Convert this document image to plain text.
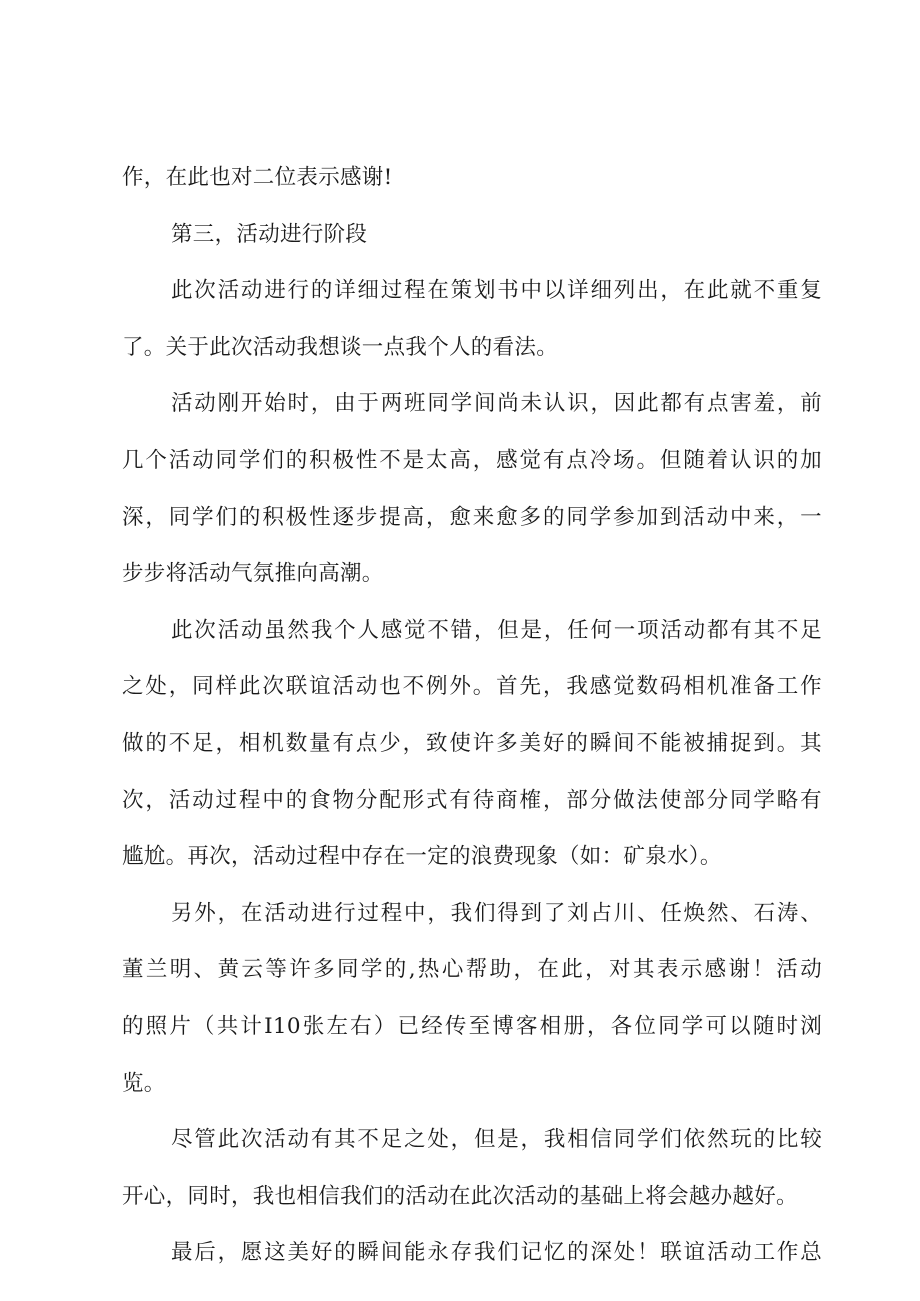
作，在此也对二位表示感谢!
第三，活动进行阶段
此次活动进行的详细过程在策划书中以详细列出，在此就不重复
了。关于此次活动我想谈一点我个人的看法。
活动刚开始时，由于两班同学间尚未认识，因此都有点害羞，前
几个活动同学们的积极性不是太高，感觉有点冷场。但随着认识的加
深，同学们的积极性逐步提高，愈来愈多的同学参加到活动中来，一
步步将活动气氛推向高潮。
此次活动虽然我个人感觉不错，但是，任何一项活动都有其不足
之处，同样此次联谊活动也不例外。首先，我感觉数码相机准备工作
做的不足，相机数量有点少，致使许多美好的瞬间不能被捕捉到。其
次，活动过程中的食物分配形式有待商榷，部分做法使部分同学略有
尴尬。再次，活动过程中存在一定的浪费现象（如：矿泉水）。
另外，在活动进行过程中，我们得到了刘占川、任焕然、石涛、
董兰明、黄云等许多同学的,热心帮助，在此，对其表示感谢！活动
的照片（共计I10张左右）已经传至博客相册，各位同学可以随时浏
览。
尽管此次活动有其不足之处，但是，我相信同学们依然玩的比较
开心，同时，我也相信我们的活动在此次活动的基础上将会越办越好。
最后，愿这美好的瞬间能永存我们记忆的深处！联谊活动工作总
